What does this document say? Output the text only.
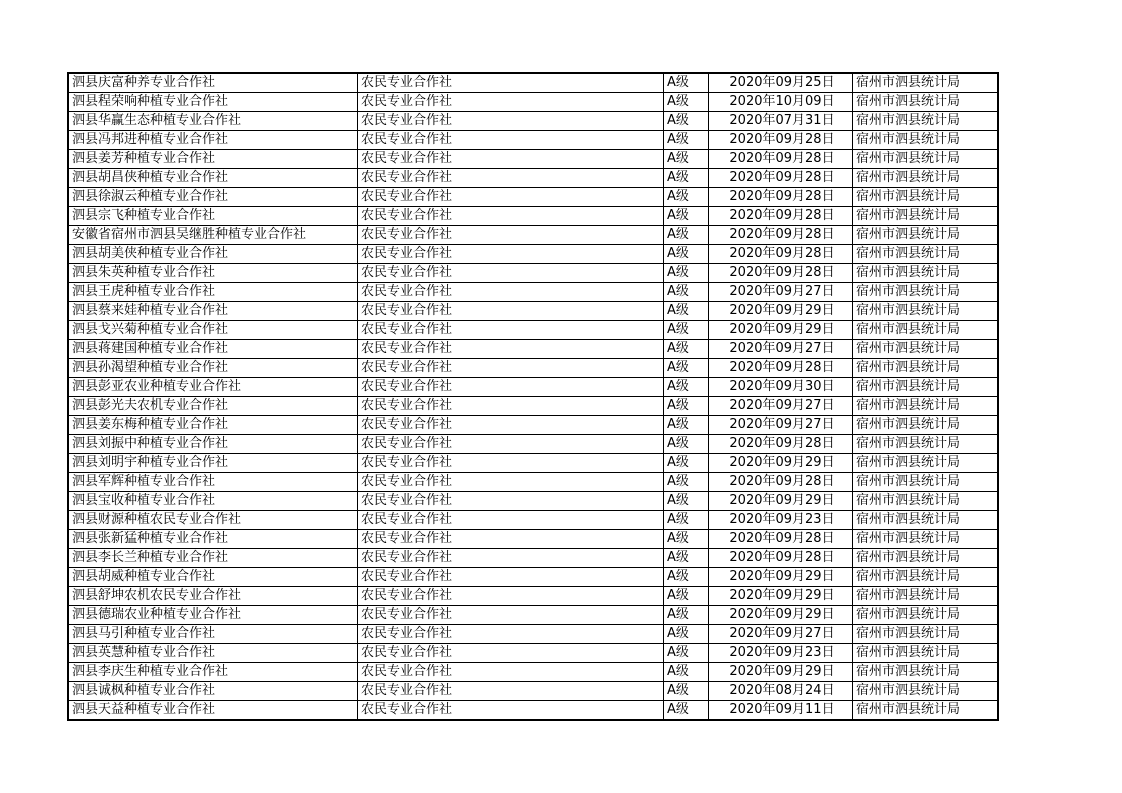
泗县庆富种养专业合作社	农民专业合作社	A级	2020年09月25日	宿州市泗县统计局
泗县程荣响种植专业合作社	农民专业合作社	A级	2020年10月09日	宿州市泗县统计局
泗县华赢生态种植专业合作社	农民专业合作社	A级	2020年07月31日	宿州市泗县统计局
泗县冯邦进种植专业合作社	农民专业合作社	A级	2020年09月28日	宿州市泗县统计局
泗县姜芳种植专业合作社	农民专业合作社	A级	2020年09月28日	宿州市泗县统计局
泗县胡昌侠种植专业合作社	农民专业合作社	A级	2020年09月28日	宿州市泗县统计局
泗县徐淑云种植专业合作社	农民专业合作社	A级	2020年09月28日	宿州市泗县统计局
泗县宗飞种植专业合作社	农民专业合作社	A级	2020年09月28日	宿州市泗县统计局
安徽省宿州市泗县吴继胜种植专业合作社	农民专业合作社	A级	2020年09月28日	宿州市泗县统计局
泗县胡美侠种植专业合作社	农民专业合作社	A级	2020年09月28日	宿州市泗县统计局
泗县朱英种植专业合作社	农民专业合作社	A级	2020年09月28日	宿州市泗县统计局
泗县王虎种植专业合作社	农民专业合作社	A级	2020年09月27日	宿州市泗县统计局
泗县蔡来娃种植专业合作社	农民专业合作社	A级	2020年09月29日	宿州市泗县统计局
泗县戈兴菊种植专业合作社	农民专业合作社	A级	2020年09月29日	宿州市泗县统计局
泗县蒋建国种植专业合作社	农民专业合作社	A级	2020年09月27日	宿州市泗县统计局
泗县孙渴望种植专业合作社	农民专业合作社	A级	2020年09月28日	宿州市泗县统计局
泗县彭亚农业种植专业合作社	农民专业合作社	A级	2020年09月30日	宿州市泗县统计局
泗县彭光夫农机专业合作社	农民专业合作社	A级	2020年09月27日	宿州市泗县统计局
泗县姜东梅种植专业合作社	农民专业合作社	A级	2020年09月27日	宿州市泗县统计局
泗县刘振中种植专业合作社	农民专业合作社	A级	2020年09月28日	宿州市泗县统计局
泗县刘明宇种植专业合作社	农民专业合作社	A级	2020年09月29日	宿州市泗县统计局
泗县军辉种植专业合作社	农民专业合作社	A级	2020年09月28日	宿州市泗县统计局
泗县宝收种植专业合作社	农民专业合作社	A级	2020年09月29日	宿州市泗县统计局
泗县财源种植农民专业合作社	农民专业合作社	A级	2020年09月23日	宿州市泗县统计局
泗县张新猛种植专业合作社	农民专业合作社	A级	2020年09月28日	宿州市泗县统计局
泗县李长兰种植专业合作社	农民专业合作社	A级	2020年09月28日	宿州市泗县统计局
泗县胡威种植专业合作社	农民专业合作社	A级	2020年09月29日	宿州市泗县统计局
泗县舒坤农机农民专业合作社	农民专业合作社	A级	2020年09月29日	宿州市泗县统计局
泗县德瑞农业种植专业合作社	农民专业合作社	A级	2020年09月29日	宿州市泗县统计局
泗县马引种植专业合作社	农民专业合作社	A级	2020年09月27日	宿州市泗县统计局
泗县英慧种植专业合作社	农民专业合作社	A级	2020年09月23日	宿州市泗县统计局
泗县李庆生种植专业合作社	农民专业合作社	A级	2020年09月29日	宿州市泗县统计局
泗县诚枫种植专业合作社	农民专业合作社	A级	2020年08月24日	宿州市泗县统计局
泗县天益种植专业合作社	农民专业合作社	A级	2020年09月11日	宿州市泗县统计局
